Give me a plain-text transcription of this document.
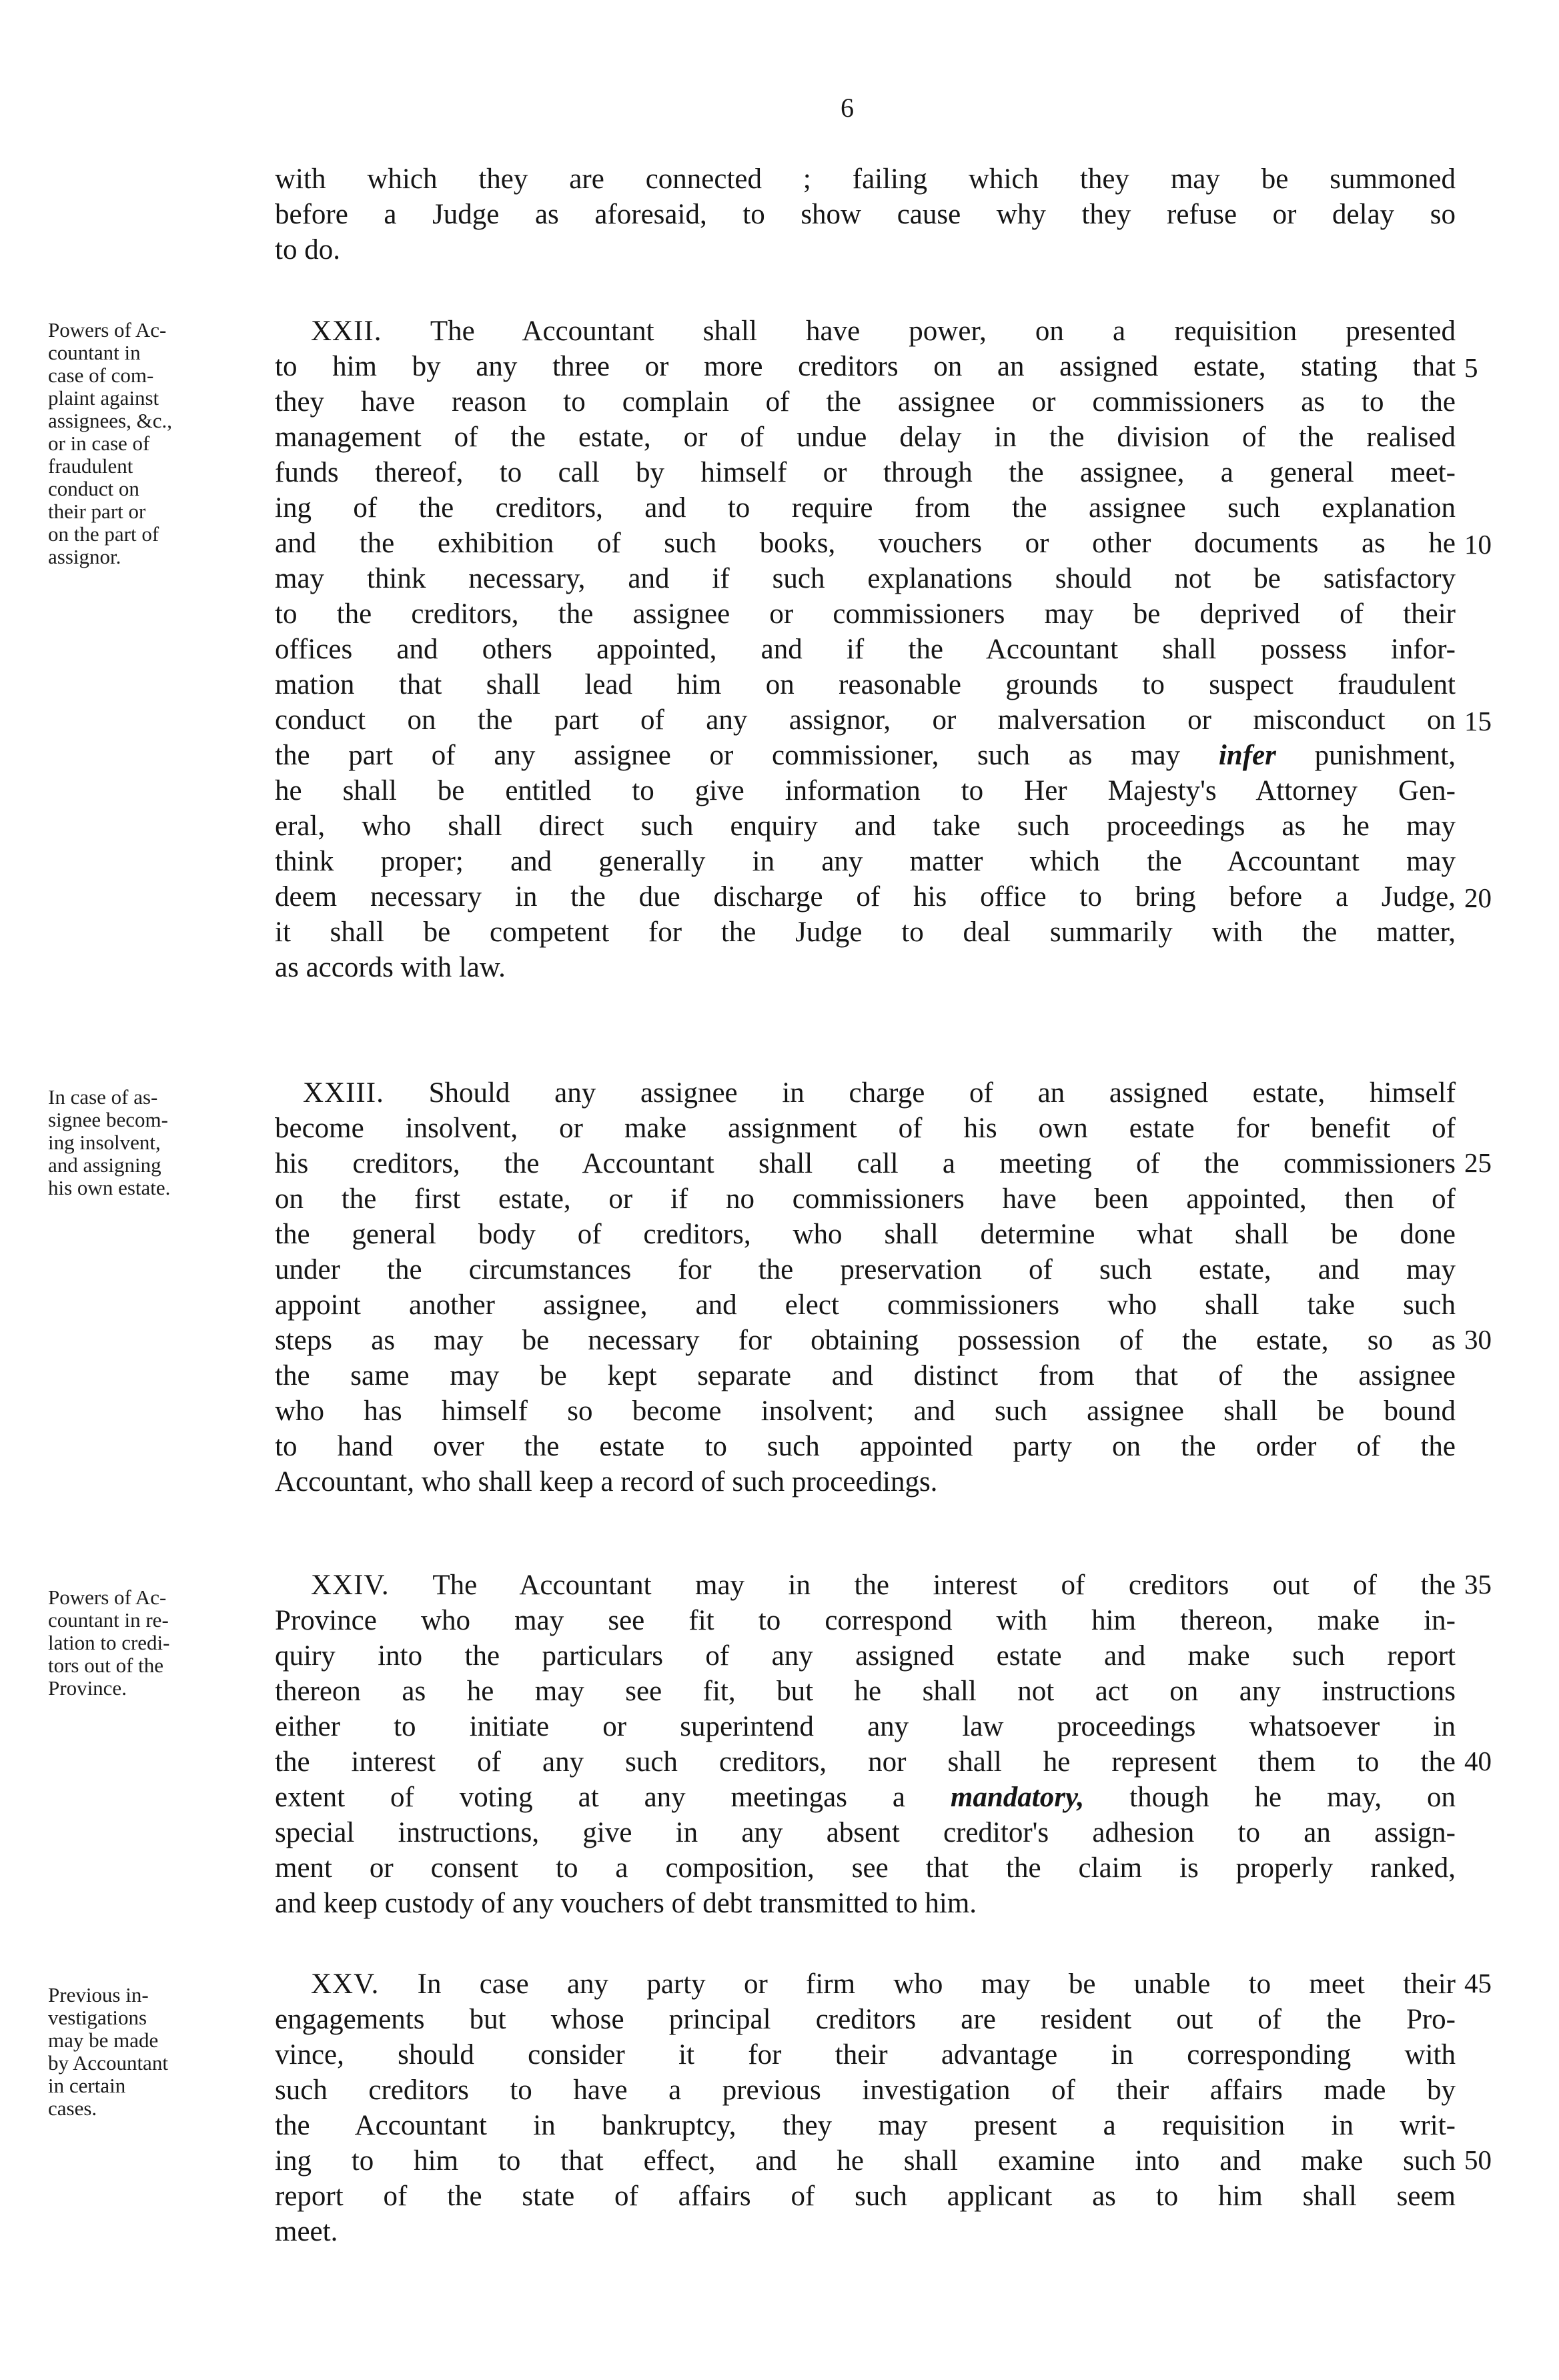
6
with which they are connected ; failing which they may be summoned
before a Judge as aforesaid, to show cause why they refuse or delay so
to do.
XXII. The Accountant shall have power, on a requisition presented
to him by any three or more creditors on an assigned estate, stating that
they have reason to complain of the assignee or commissioners as to the
management of the estate, or of undue delay in the division of the realised
funds thereof, to call by himself or through the assignee, a general meet-
ing of the creditors, and to require from the assignee such explanation
and the exhibition of such books, vouchers or other documents as he
may think necessary, and if such explanations should not be satisfactory
to the creditors, the assignee or commissioners may be deprived of their
offices and others appointed, and if the Accountant shall possess infor-
mation that shall lead him on reasonable grounds to suspect fraudulent
conduct on the part of any assignor, or malversation or misconduct on
the part of any assignee or commissioner, such as may infer punishment,
he shall be entitled to give information to Her Majesty's Attorney Gen-
eral, who shall direct such enquiry and take such proceedings as he may
think proper; and generally in any matter which the Accountant may
deem necessary in the due discharge of his office to bring before a Judge,
it shall be competent for the Judge to deal summarily with the matter,
as accords with law.
Powers of Ac-
countant in
case of com-
plaint against
assignees, &c.,
or in case of
fraudulent
conduct on
their part or
on the part of
assignor.
XXIII. Should any assignee in charge of an assigned estate, himself
become insolvent, or make assignment of his own estate for benefit of
his creditors, the Accountant shall call a meeting of the commissioners
on the first estate, or if no commissioners have been appointed, then of
the general body of creditors, who shall determine what shall be done
under the circumstances for the preservation of such estate, and may
appoint another assignee, and elect commissioners who shall take such
steps as may be necessary for obtaining possession of the estate, so as
the same may be kept separate and distinct from that of the assignee
who has himself so become insolvent; and such assignee shall be bound
to hand over the estate to such appointed party on the order of the
Accountant, who shall keep a record of such proceedings.
In case of as-
signee becom-
ing insolvent,
and assigning
his own estate.
XXIV. The Accountant may in the interest of creditors out of the
Province who may see fit to correspond with him thereon, make in-
quiry into the particulars of any assigned estate and make such report
thereon as he may see fit, but he shall not act on any instructions
either to initiate or superintend any law proceedings whatsoever in
the interest of any such creditors, nor shall he represent them to the
extent of voting at any meetingas a mandatory, though he may, on
special instructions, give in any absent creditor's adhesion to an assign-
ment or consent to a composition, see that the claim is properly ranked,
and keep custody of any vouchers of debt transmitted to him.
Powers of Ac-
countant in re-
lation to credi-
tors out of the
Province.
XXV. In case any party or firm who may be unable to meet their
engagements but whose principal creditors are resident out of the Pro-
vince, should consider it for their advantage in corresponding with
such creditors to have a previous investigation of their affairs made by
the Accountant in bankruptcy, they may present a requisition in writ-
ing to him to that effect, and he shall examine into and make such
report of the state of affairs of such applicant as to him shall seem
meet.
Previous in-
vestigations
may be made
by Accountant
in certain
cases.
5
10
15
20
25
30
35
40
45
50
